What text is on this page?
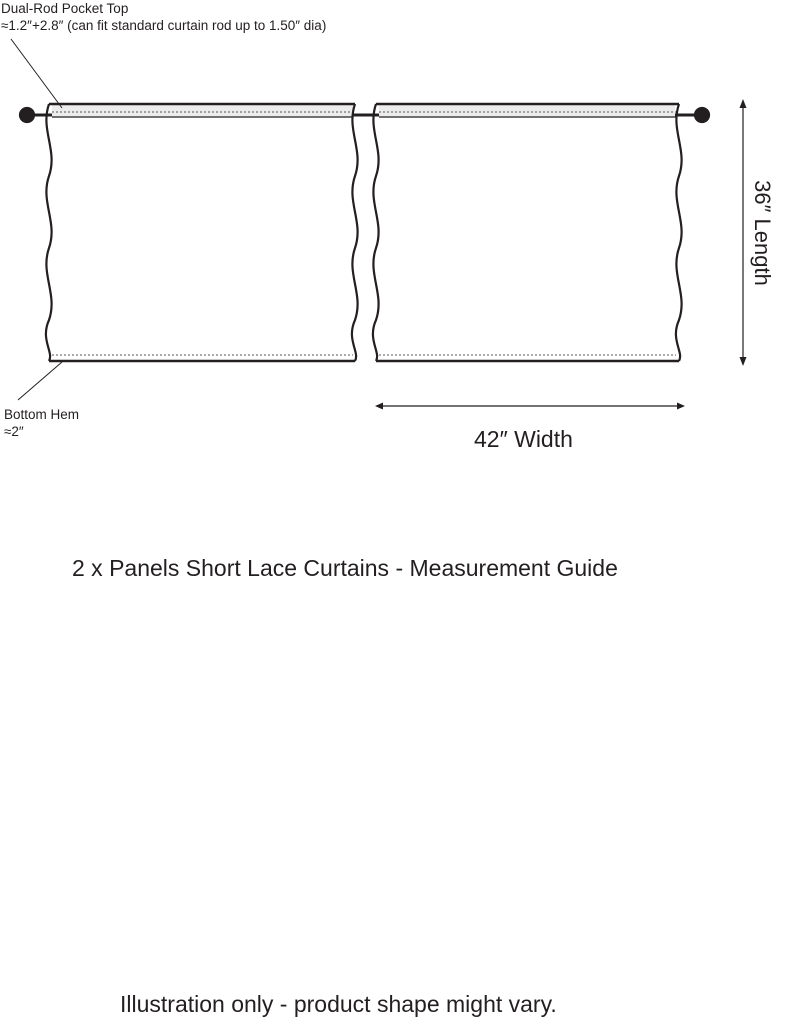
Dual-Rod Pocket Top
≈1.2″+2.8″ (can fit standard curtain rod up to 1.50″ dia)
Bottom Hem
≈2″
36″ Length
42″ Width
2 x Panels Short Lace Curtains - Measurement Guide
Illustration only - product shape might vary.
